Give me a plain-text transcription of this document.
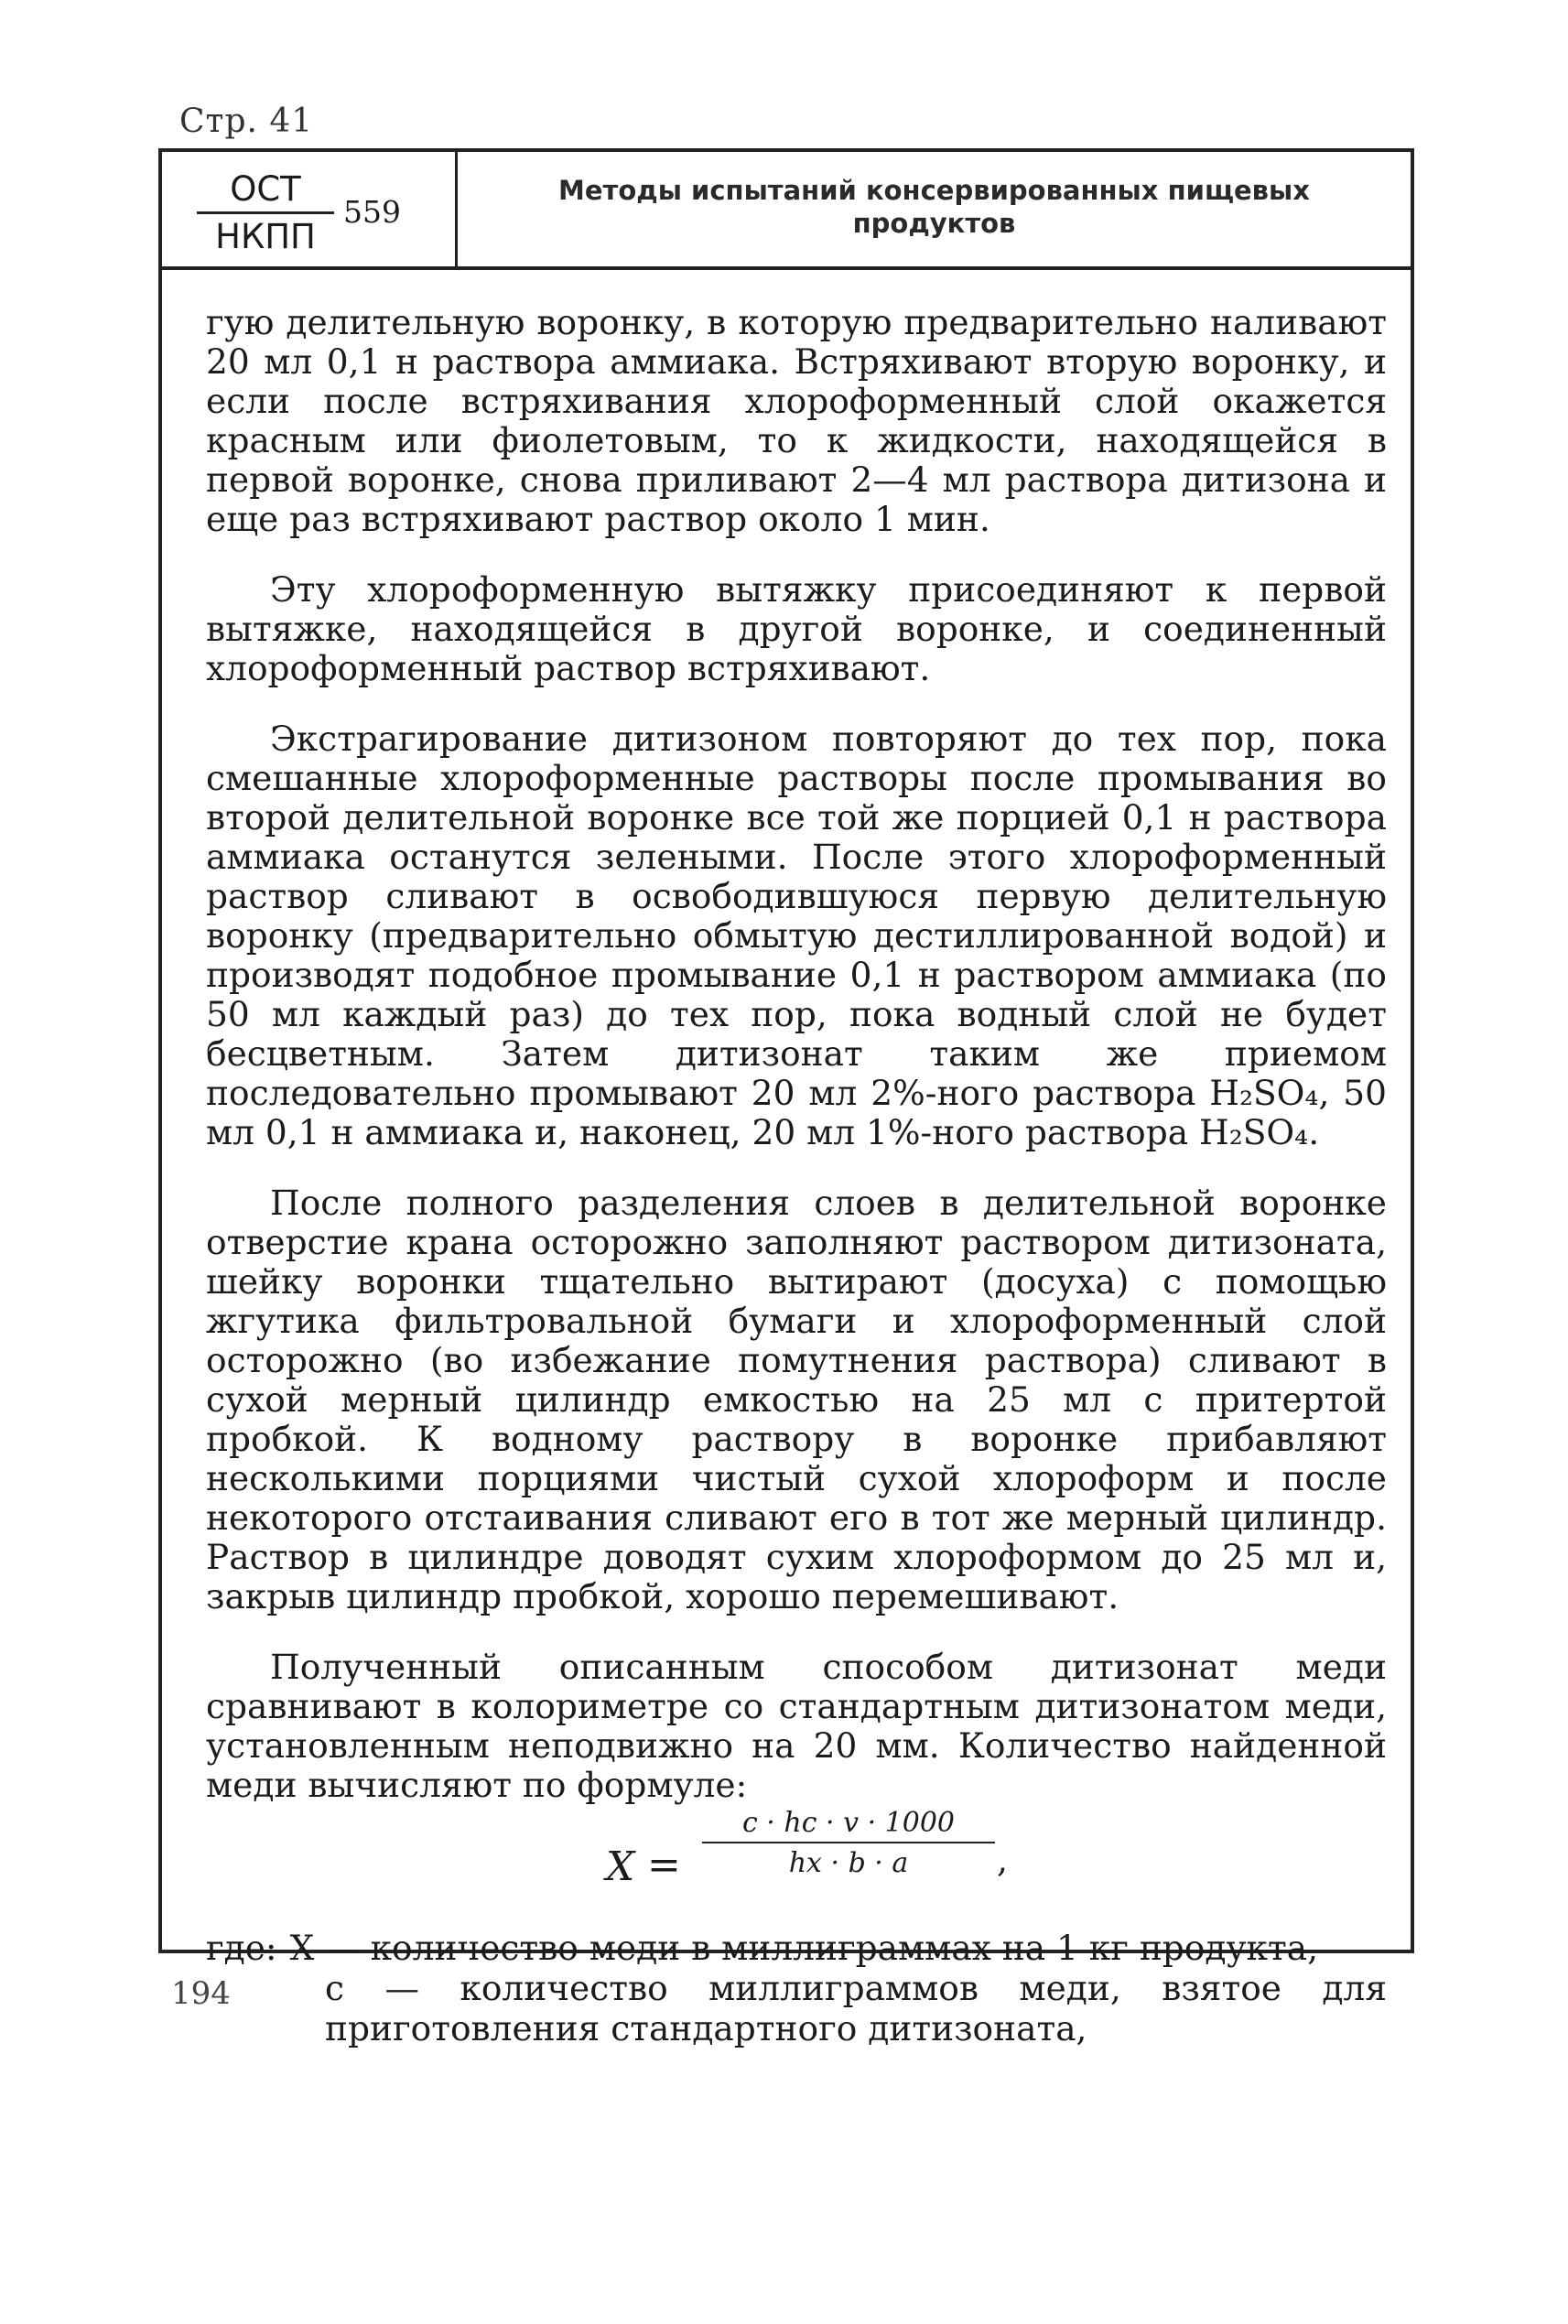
Стр. 41
ОСТ
НКПП
559
Методы испытаний консервированных пищевых
продуктов

гую делительную воронку, в которую предварительно наливают 20 мл 0,1 н раствора аммиака. Встряхивают вторую воронку, и если после встряхивания хлороформенный слой окажется красным или фиолетовым, то к жидкости, находящейся в первой воронке, снова приливают 2—4 мл раствора дитизона и еще раз встряхивают раствор около 1 мин.

Эту хлороформенную вытяжку присоединяют к первой вытяжке, находящейся в другой воронке, и соединенный хлороформенный раствор встряхивают.

Экстрагирование дитизоном повторяют до тех пор, пока смешанные хлороформенные растворы после промывания во второй делительной воронке все той же порцией 0,1 н раствора аммиака останутся зелеными. После этого хлороформенный раствор сливают в освободившуюся первую делительную воронку (предварительно обмытую дестиллированной водой) и производят подобное промывание 0,1 н раствором аммиака (по 50 мл каждый раз) до тех пор, пока водный слой не будет бесцветным. Затем дитизонат таким же приемом последовательно промывают 20 мл 2%-ного раствора H₂SO₄, 50 мл 0,1 н аммиака и, наконец, 20 мл 1%-ного раствора H₂SO₄.

После полного разделения слоев в делительной воронке отверстие крана осторожно заполняют раствором дитизоната, шейку воронки тщательно вытирают (досуха) с помощью жгутика фильтровальной бумаги и хлороформенный слой осторожно (во избежание помутнения раствора) сливают в сухой мерный цилиндр емкостью на 25 мл с притертой пробкой. К водному раствору в воронке прибавляют несколькими порциями чистый сухой хлороформ и после некоторого отстаивания сливают его в тот же мерный цилиндр. Раствор в цилиндре доводят сухим хлороформом до 25 мл и, закрыв цилиндр пробкой, хорошо перемешивают.

Полученный описанным способом дитизонат меди сравнивают в колориметре со стандартным дитизонатом меди, установленным неподвижно на 20 мм. Количество найденной меди вычисляют по формуле:

$X = \frac{c \cdot hc \cdot v \cdot 1000}{hx \cdot b \cdot a}$ ,
где: X — количество меди в миллиграммах на 1 кг продукта,
c — количество миллиграммов меди, взятое для приготовления стандартного дитизоната,
194
